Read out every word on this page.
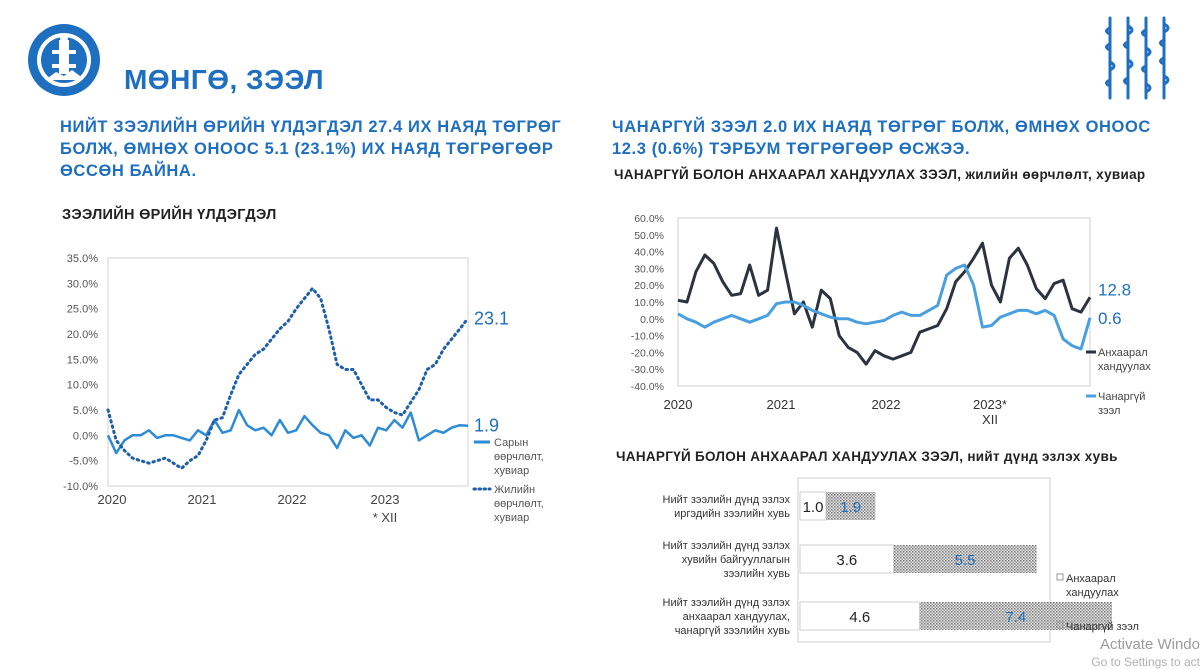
МӨНГӨ, ЗЭЭЛ
НИЙТ ЗЭЭЛИЙН ӨРИЙН ҮЛДЭГДЭЛ 27.4 ИХ НАЯД ТӨГРӨГ БОЛЖ, ӨМНӨХ ОНООС 5.1 (23.1%) ИХ НАЯД ТӨГРӨГӨӨР ӨССӨН БАЙНА.
ЧАНАРГҮЙ ЗЭЭЛ 2.0 ИХ НАЯД ТӨГРӨГ БОЛЖ, ӨМНӨХ ОНООС 12.3 (0.6%) ТЭРБУМ ТӨГРӨГӨӨР ӨСЖЭЭ.
ЗЭЭЛИЙН ӨРИЙН ҮЛДЭГДЭЛ
35.0%
30.0%
25.0%
20.0%
15.0%
10.0%
5.0%
0.0%
-5.0%
-10.0%
2020	2021	2022	2023
* XII
23.1
1.9
Сарын
өөрчлөлт,
хувиар
Жилийн
өөрчлөлт,
хувиар
ЧАНАРГҮЙ БОЛОН АНХААРАЛ ХАНДУУЛАХ ЗЭЭЛ, жилийн өөрчлөлт, хувиар
60.0%
50.0%
40.0%
30.0%
20.0%
10.0%
0.0%
-10.0%
-20.0%
-30.0%
-40.0%
2020	2021	2022	2023*
XII
12.8
0.6
Анхаарал
хандуулах
Чанаргүй
зээл
ЧАНАРГҮЙ БОЛОН АНХААРАЛ ХАНДУУЛАХ ЗЭЭЛ, нийт дүнд эзлэх хувь
1.0 1.9
Нийт зээлийн дүнд эзлэх
иргэдийн зээлийн хувь
3.6	5.5
Нийт зээлийн дүнд эзлэх
хувийн байгууллагын
зээлийн хувь
4.6	7.4
Нийт зээлийн дүнд эзлэх
анхаарал хандуулах,
чанаргүй зээлийн хувь
Анхаарал
хандуулах
Чанаргүй зээл
Activate Windo
Go to Settings to act
